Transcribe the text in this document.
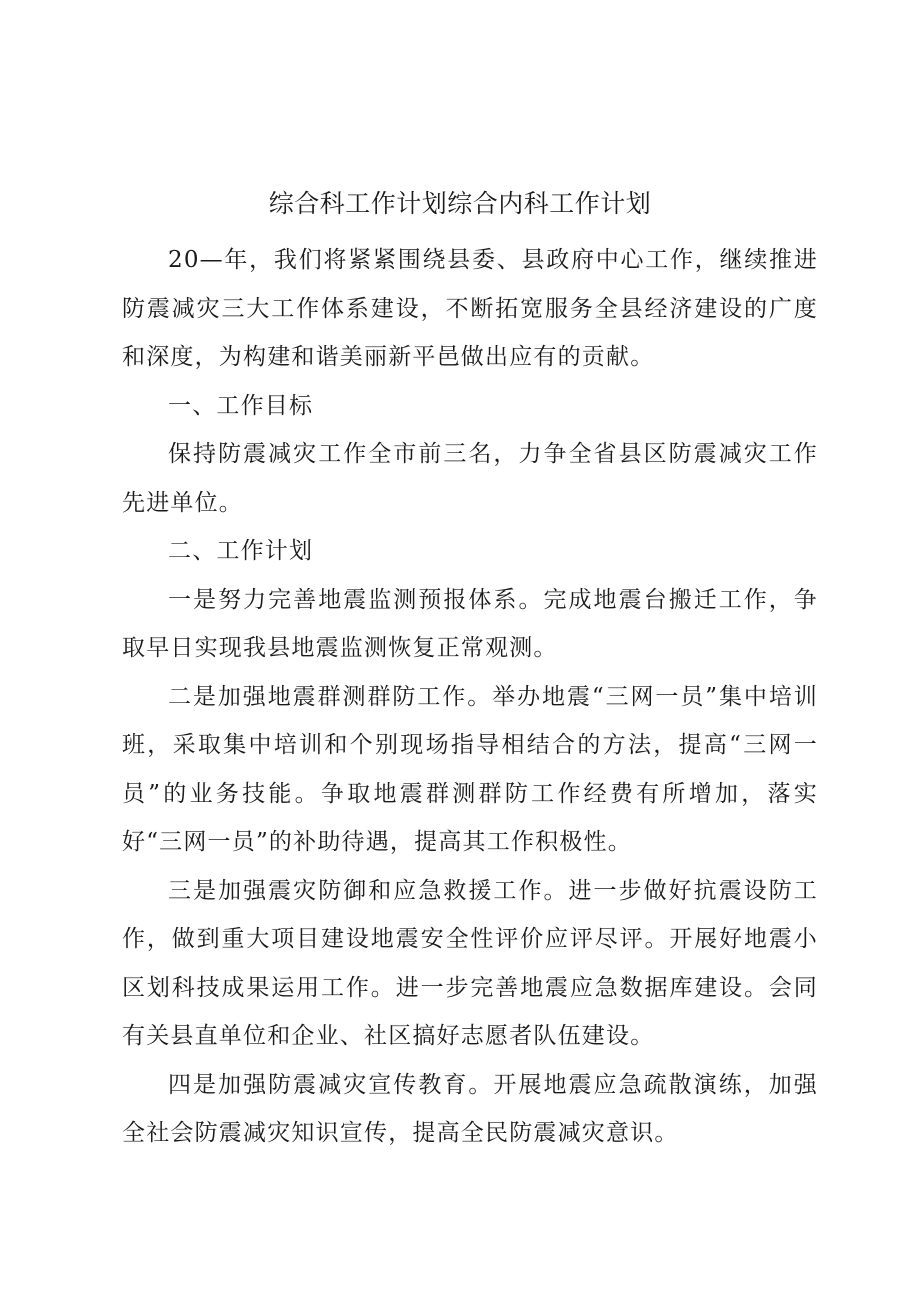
综合科工作计划综合内科工作计划

20—年，我们将紧紧围绕县委、县政府中心工作，继续推进防震减灾三大工作体系建设，不断拓宽服务全县经济建设的广度和深度，为构建和谐美丽新平邑做出应有的贡献。

一、工作目标

保持防震减灾工作全市前三名，力争全省县区防震减灾工作先进单位。

二、工作计划

一是努力完善地震监测预报体系。完成地震台搬迁工作，争取早日实现我县地震监测恢复正常观测。

二是加强地震群测群防工作。举办地震“三网一员”集中培训班，采取集中培训和个别现场指导相结合的方法，提高“三网一员”的业务技能。争取地震群测群防工作经费有所增加，落实好“三网一员”的补助待遇，提高其工作积极性。

三是加强震灾防御和应急救援工作。进一步做好抗震设防工作，做到重大项目建设地震安全性评价应评尽评。开展好地震小区划科技成果运用工作。进一步完善地震应急数据库建设。会同有关县直单位和企业、社区搞好志愿者队伍建设。

四是加强防震减灾宣传教育。开展地震应急疏散演练，加强全社会防震减灾知识宣传，提高全民防震减灾意识。
